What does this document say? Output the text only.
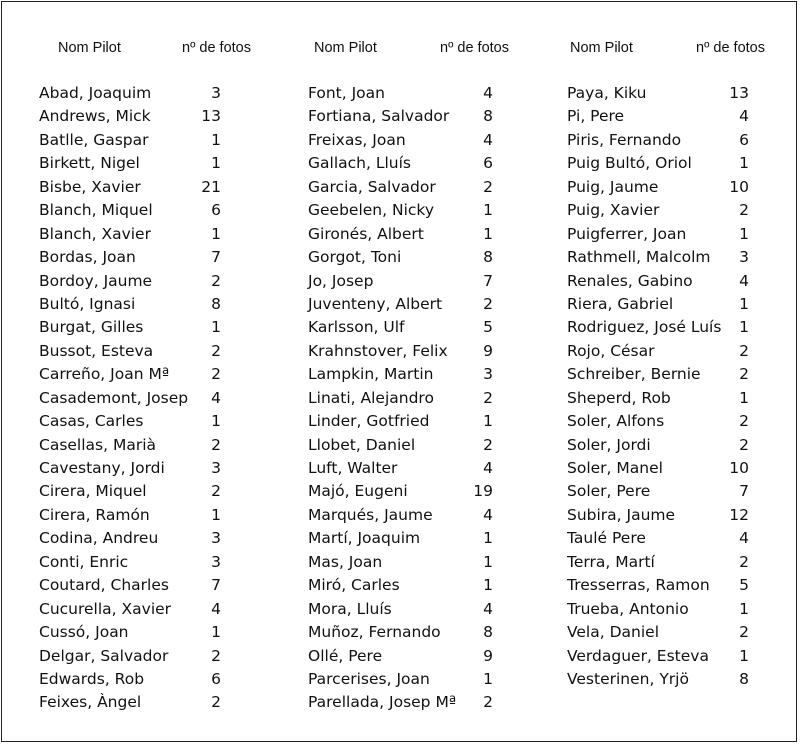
Nom Pilot	nº de fotos
Abad, Joaquim	3
Andrews, Mick	13
Batlle, Gaspar	1
Birkett, Nigel	1
Bisbe, Xavier	21
Blanch, Miquel	6
Blanch, Xavier	1
Bordas, Joan	7
Bordoy, Jaume	2
Bultó, Ignasi	8
Burgat, Gilles	1
Bussot, Esteva	2
Carreño, Joan Mª	2
Casademont, Josep	4
Casas, Carles	1
Casellas, Marià	2
Cavestany, Jordi	3
Cirera, Miquel	2
Cirera, Ramón	1
Codina, Andreu	3
Conti, Enric	3
Coutard, Charles	7
Cucurella, Xavier	4
Cussó, Joan	1
Delgar, Salvador	2
Edwards, Rob	6
Feixes, Àngel	2
Nom Pilot	nº de fotos
Font, Joan	4
Fortiana, Salvador	8
Freixas, Joan	4
Gallach, Lluís	6
Garcia, Salvador	2
Geebelen, Nicky	1
Gironés, Albert	1
Gorgot, Toni	8
Jo, Josep	7
Juventeny, Albert	2
Karlsson, Ulf	5
Krahnstover, Felix	9
Lampkin, Martin	3
Linati, Alejandro	2
Linder, Gotfried	1
Llobet, Daniel	2
Luft, Walter	4
Majó, Eugeni	19
Marqués, Jaume	4
Martí, Joaquim	1
Mas, Joan	1
Miró, Carles	1
Mora, Lluís	4
Muñoz, Fernando	8
Ollé, Pere	9
Parcerises, Joan	1
Parellada, Josep Mª	2
Nom Pilot	nº de fotos
Paya, Kiku	13
Pi, Pere	4
Piris, Fernando	6
Puig Bultó, Oriol	1
Puig, Jaume	10
Puig, Xavier	2
Puigferrer, Joan	1
Rathmell, Malcolm	3
Renales, Gabino	4
Riera, Gabriel	1
Rodriguez, José Luís	1
Rojo, César	2
Schreiber, Bernie	2
Sheperd, Rob	1
Soler, Alfons	2
Soler, Jordi	2
Soler, Manel	10
Soler, Pere	7
Subira, Jaume	12
Taulé Pere	4
Terra, Martí	2
Tresserras, Ramon	5
Trueba, Antonio	1
Vela, Daniel	2
Verdaguer, Esteva	1
Vesterinen, Yrjö	8
